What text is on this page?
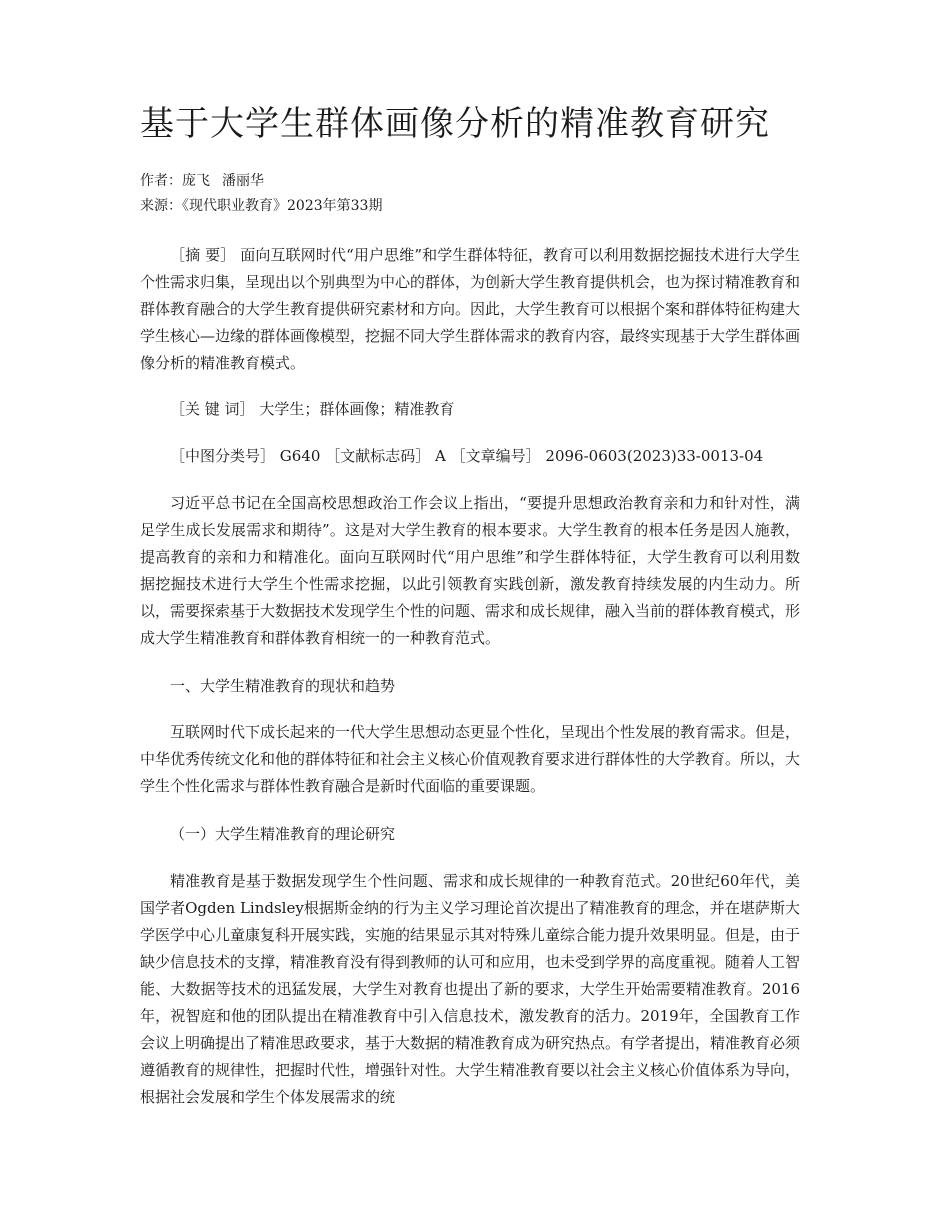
基于大学生群体画像分析的精准教育研究
作者：庞飞 潘丽华
来源：《现代职业教育》2023年第33期

［摘 要］ 面向互联网时代“用户思维”和学生群体特征，教育可以利用数据挖掘技术进行大学生个性需求归集，呈现出以个别典型为中心的群体，为创新大学生教育提供机会，也为探讨精准教育和群体教育融合的大学生教育提供研究素材和方向。因此，大学生教育可以根据个案和群体特征构建大学生核心—边缘的群体画像模型，挖掘不同大学生群体需求的教育内容，最终实现基于大学生群体画像分析的精准教育模式。

［关 键 词］ 大学生；群体画像；精准教育

［中图分类号］ G640 ［文献标志码］ A ［文章编号］ 2096-0603(2023)33-0013-04

习近平总书记在全国高校思想政治工作会议上指出，“要提升思想政治教育亲和力和针对性，满足学生成长发展需求和期待”。这是对大学生教育的根本要求。大学生教育的根本任务是因人施教，提高教育的亲和力和精准化。面向互联网时代“用户思维”和学生群体特征，大学生教育可以利用数据挖掘技术进行大学生个性需求挖掘，以此引领教育实践创新，激发教育持续发展的内生动力。所以，需要探索基于大数据技术发现学生个性的问题、需求和成长规律，融入当前的群体教育模式，形成大学生精准教育和群体教育相统一的一种教育范式。

一、大学生精准教育的现状和趋势

互联网时代下成长起来的一代大学生思想动态更显个性化，呈现出个性发展的教育需求。但是，中华优秀传统文化和他的群体特征和社会主义核心价值观教育要求进行群体性的大学教育。所以，大学生个性化需求与群体性教育融合是新时代面临的重要课题。

（一）大学生精准教育的理论研究

精准教育是基于数据发现学生个性问题、需求和成长规律的一种教育范式。20世纪60年代，美国学者Ogden Lindsley根据斯金纳的行为主义学习理论首次提出了精准教育的理念，并在堪萨斯大学医学中心儿童康复科开展实践，实施的结果显示其对特殊儿童综合能力提升效果明显。但是，由于缺少信息技术的支撑，精准教育没有得到教师的认可和应用，也未受到学界的高度重视。随着人工智能、大数据等技术的迅猛发展，大学生对教育也提出了新的要求，大学生开始需要精准教育。2016年，祝智庭和他的团队提出在精准教育中引入信息技术，激发教育的活力。2019年，全国教育工作会议上明确提出了精准思政要求，基于大数据的精准教育成为研究热点。有学者提出，精准教育必须遵循教育的规律性，把握时代性，增强针对性。大学生精准教育要以社会主义核心价值体系为导向，根据社会发展和学生个体发展需求的统
